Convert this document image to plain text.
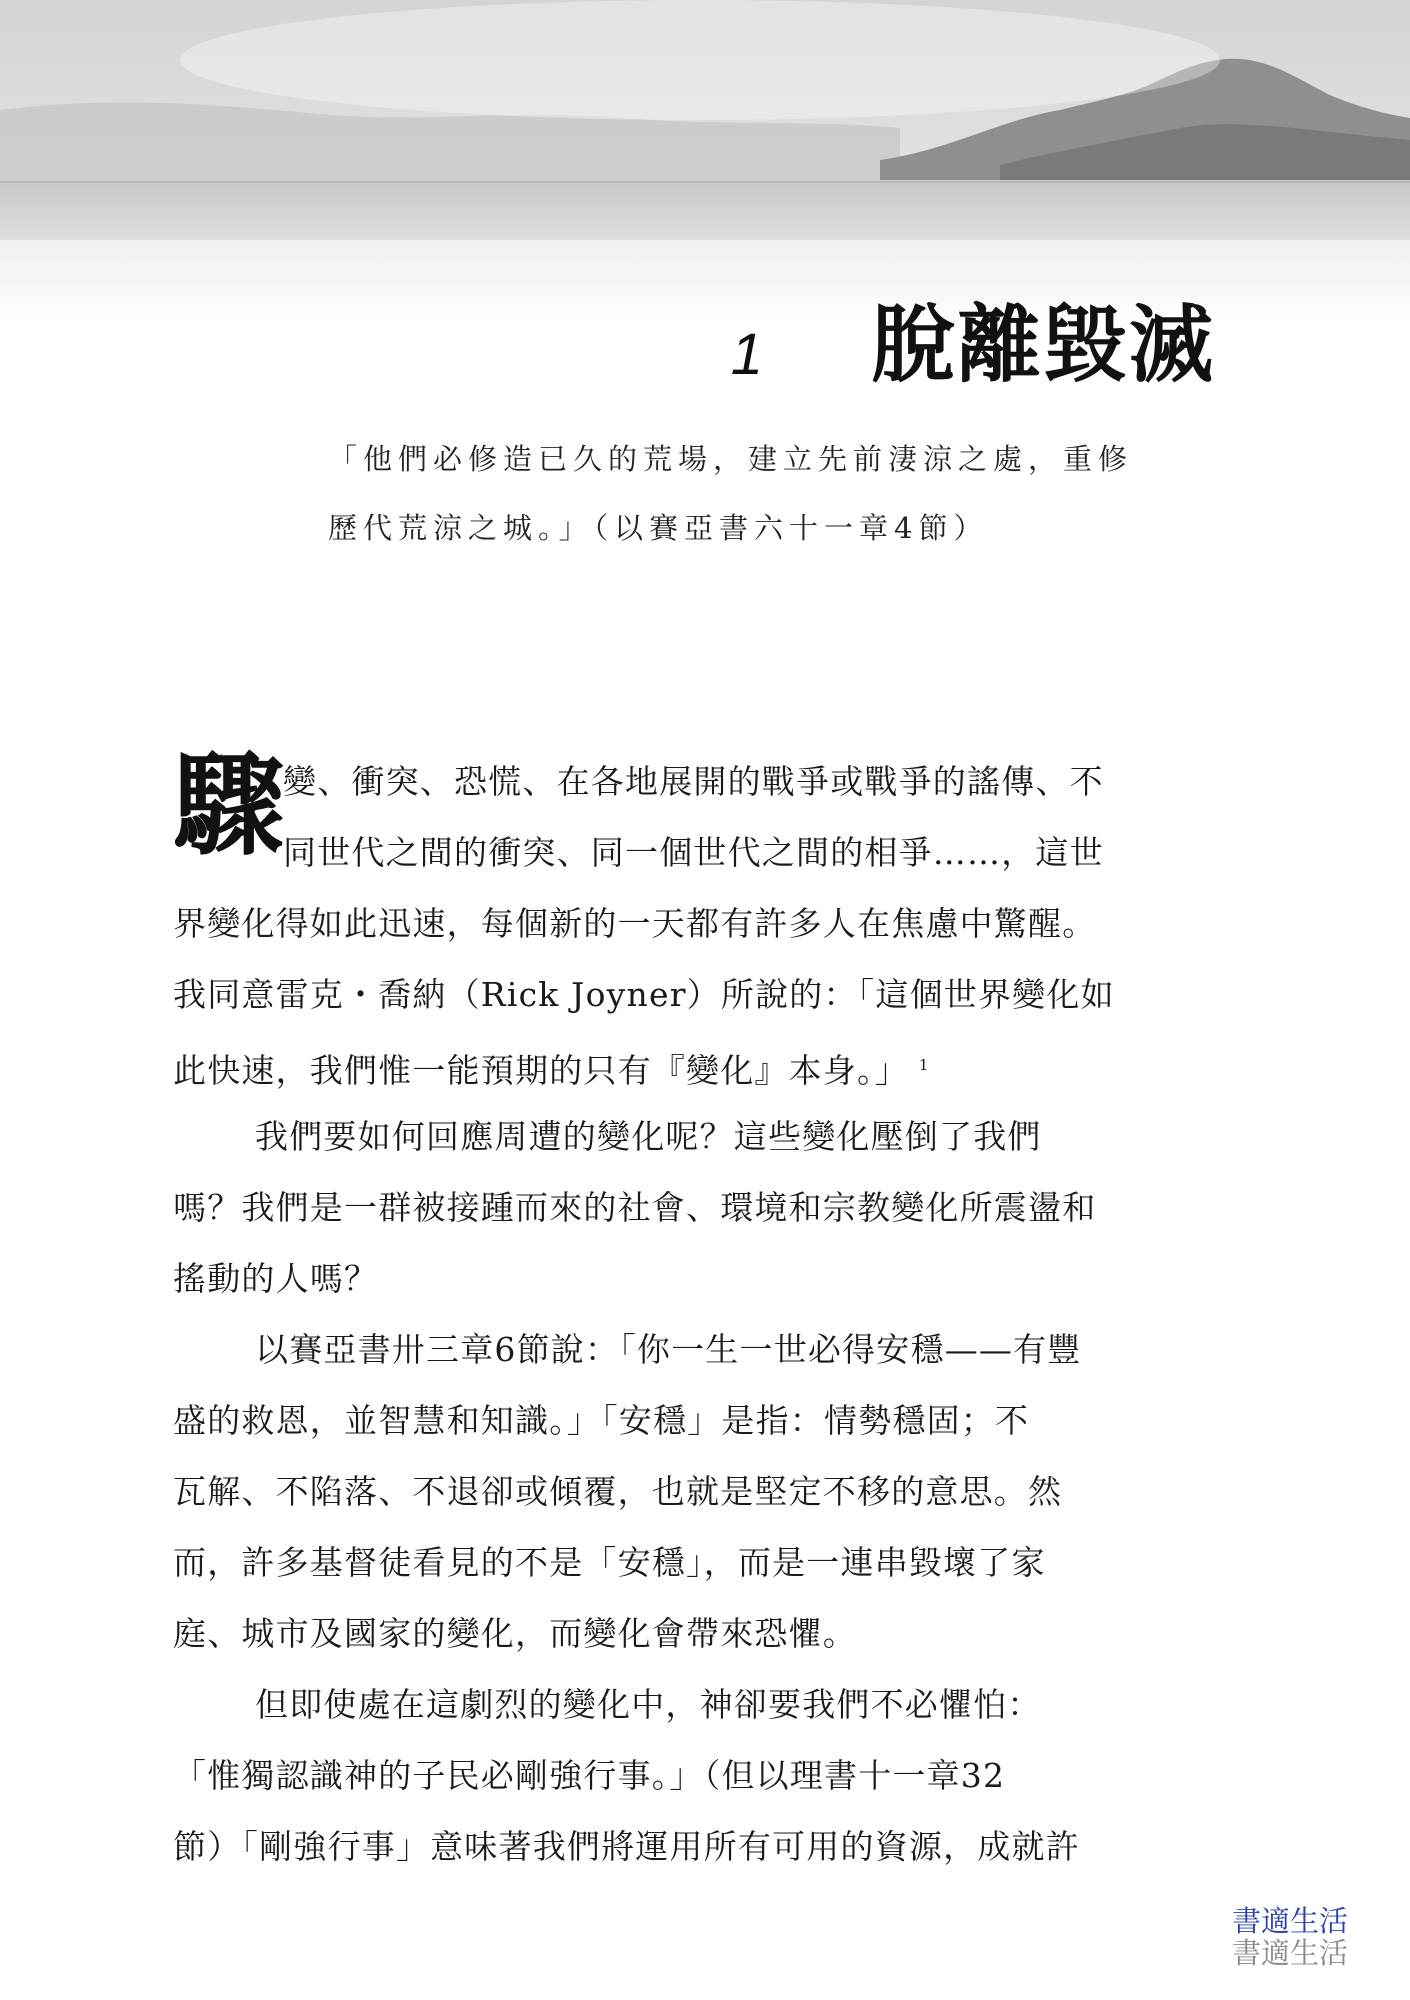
1 脫離毀滅
「他們必修造已久的荒場，建立先前淒涼之處，重修
歷代荒涼之城。」（以賽亞書六十一章4節）
驟
變、衝突、恐慌、在各地展開的戰爭或戰爭的謠傳、不
同世代之間的衝突、同一個世代之間的相爭……，這世
界變化得如此迅速，每個新的一天都有許多人在焦慮中驚醒。
我同意雷克・喬納（Rick Joyner）所說的：「這個世界變化如
此快速，我們惟一能預期的只有『變化』本身。」 $^1$
我們要如何回應周遭的變化呢？這些變化壓倒了我們
嗎？我們是一群被接踵而來的社會、環境和宗教變化所震盪和
搖動的人嗎？
以賽亞書卅三章6節說：「你一生一世必得安穩——有豐
盛的救恩，並智慧和知識。」「安穩」是指：情勢穩固；不
瓦解、不陷落、不退卻或傾覆，也就是堅定不移的意思。然
而，許多基督徒看見的不是「安穩」，而是一連串毀壞了家
庭、城市及國家的變化，而變化會帶來恐懼。
但即使處在這劇烈的變化中，神卻要我們不必懼怕：
「惟獨認識神的子民必剛強行事。」（但以理書十一章32
節）「剛強行事」意味著我們將運用所有可用的資源，成就許
書適生活
書適生活
